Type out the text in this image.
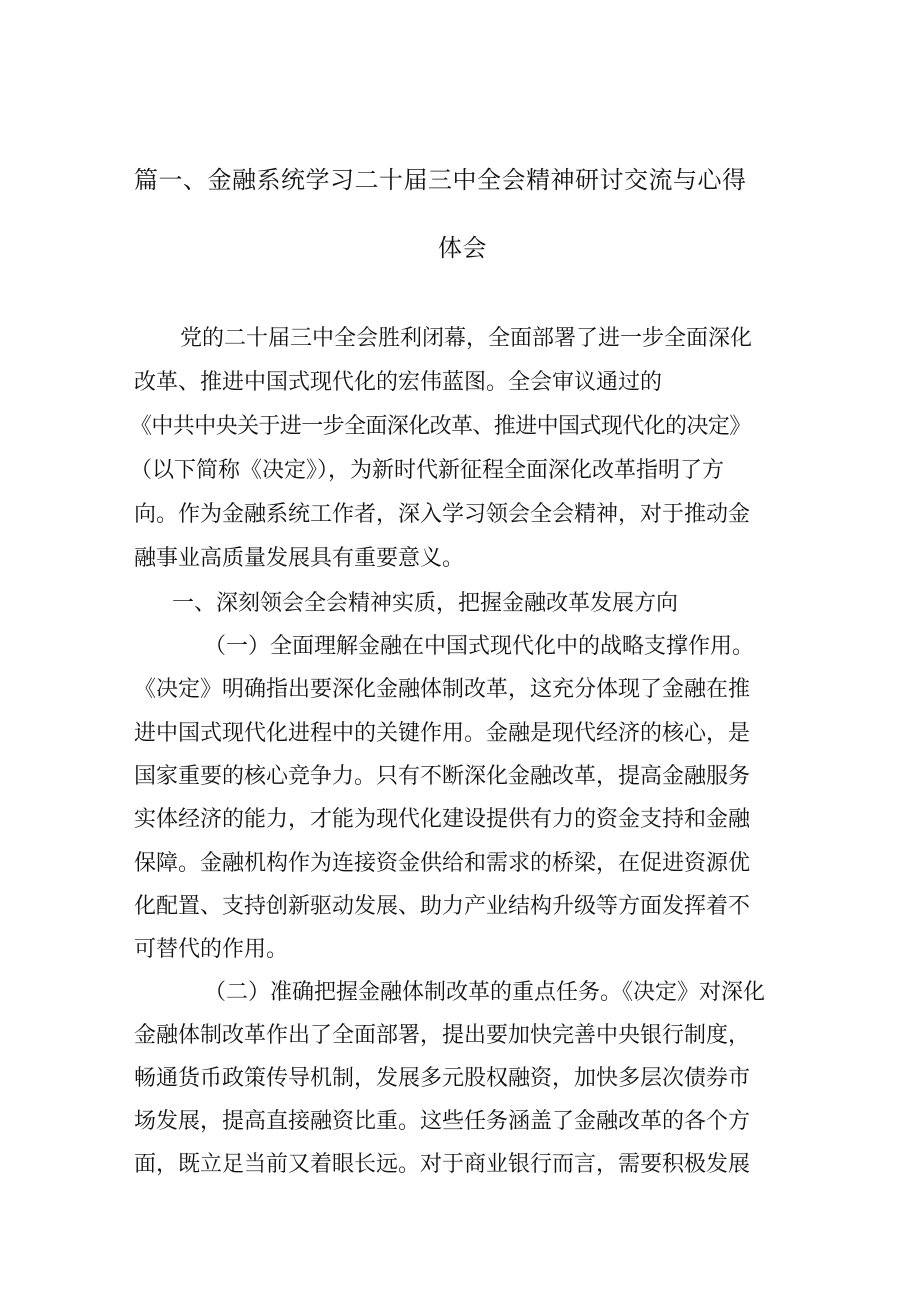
篇一、金融系统学习二十届三中全会精神研讨交流与心得
体会

党的二十届三中全会胜利闭幕，全面部署了进一步全面深化

改革、推进中国式现代化的宏伟蓝图。全会审议通过的

《中共中央关于进一步全面深化改革、推进中国式现代化的决定》

（以下简称《决定》），为新时代新征程全面深化改革指明了方

向。作为金融系统工作者，深入学习领会全会精神，对于推动金

融事业高质量发展具有重要意义。

一、深刻领会全会精神实质，把握金融改革发展方向

（一）全面理解金融在中国式现代化中的战略支撑作用。

《决定》明确指出要深化金融体制改革，这充分体现了金融在推

进中国式现代化进程中的关键作用。金融是现代经济的核心，是

国家重要的核心竞争力。只有不断深化金融改革，提高金融服务

实体经济的能力，才能为现代化建设提供有力的资金支持和金融

保障。金融机构作为连接资金供给和需求的桥梁，在促进资源优

化配置、支持创新驱动发展、助力产业结构升级等方面发挥着不

可替代的作用。

（二）准确把握金融体制改革的重点任务。《决定》对深化

金融体制改革作出了全面部署，提出要加快完善中央银行制度，

畅通货币政策传导机制，发展多元股权融资，加快多层次债券市

场发展，提高直接融资比重。这些任务涵盖了金融改革的各个方

面，既立足当前又着眼长远。对于商业银行而言，需要积极发展
